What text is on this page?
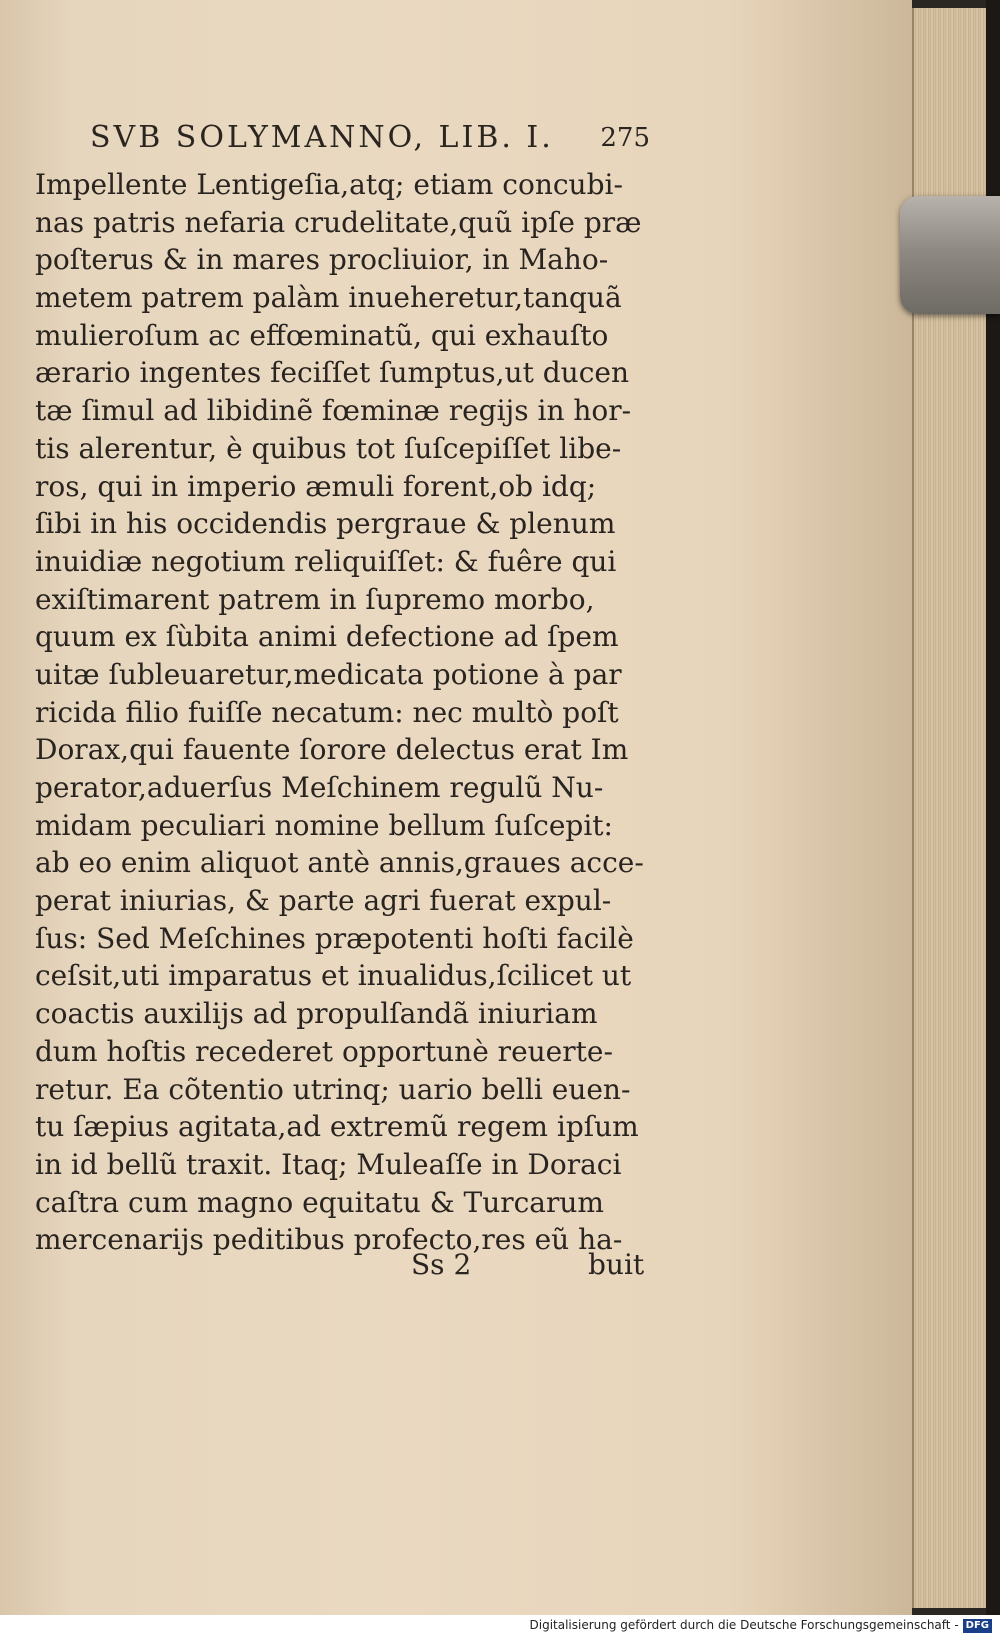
SVB SOLYMANNO, LIB. I. 275
Impellente Lentigeſia,atq; etiam concubi-
nas patris nefaria crudelitate,quũ ipſe præ
poſterus & in mares procliuior, in Maho-
metem patrem palàm inueheretur,tanquã
mulieroſum ac effœminatũ, qui exhauſto
ærario ingentes feciſſet ſumptus,ut ducen
tæ ſimul ad libidinẽ fœminæ regijs in hor-
tis alerentur, è quibus tot ſuſcepiſſet libe-
ros, qui in imperio æmuli forent,ob idq;
ſibi in his occidendis pergraue & plenum
inuidiæ negotium reliquiſſet: & fuêre qui
exiſtimarent patrem in ſupremo morbo,
quum ex ſùbita animi defectione ad ſpem
uitæ ſubleuaretur,medicata potione à par
ricida filio fuiſſe necatum: nec multò poſt
Dorax,qui fauente ſorore delectus erat Im
perator,aduerſus Meſchinem regulũ Nu-
midam peculiari nomine bellum ſuſcepit:
ab eo enim aliquot antè annis,graues acce-
perat iniurias, & parte agri fuerat expul-
ſus: Sed Meſchines præpotenti hoſti facilè
ceſsit,uti imparatus et inualidus,ſcilicet ut
coactis auxilijs ad propulſandã iniuriam
dum hoſtis recederet opportunè reuerte-
retur. Ea cõtentio utrinq; uario belli euen-
tu ſæpius agitata,ad extremũ regem ipſum
in id bellũ traxit. Itaq; Muleaſſe in Doraci
caſtra cum magno equitatu & Turcarum
mercenarijs peditibus profecto,res eũ ha-
Ss 2	buit
Digitalisierung gefördert durch die Deutsche Forschungsgemeinschaft - DFG
